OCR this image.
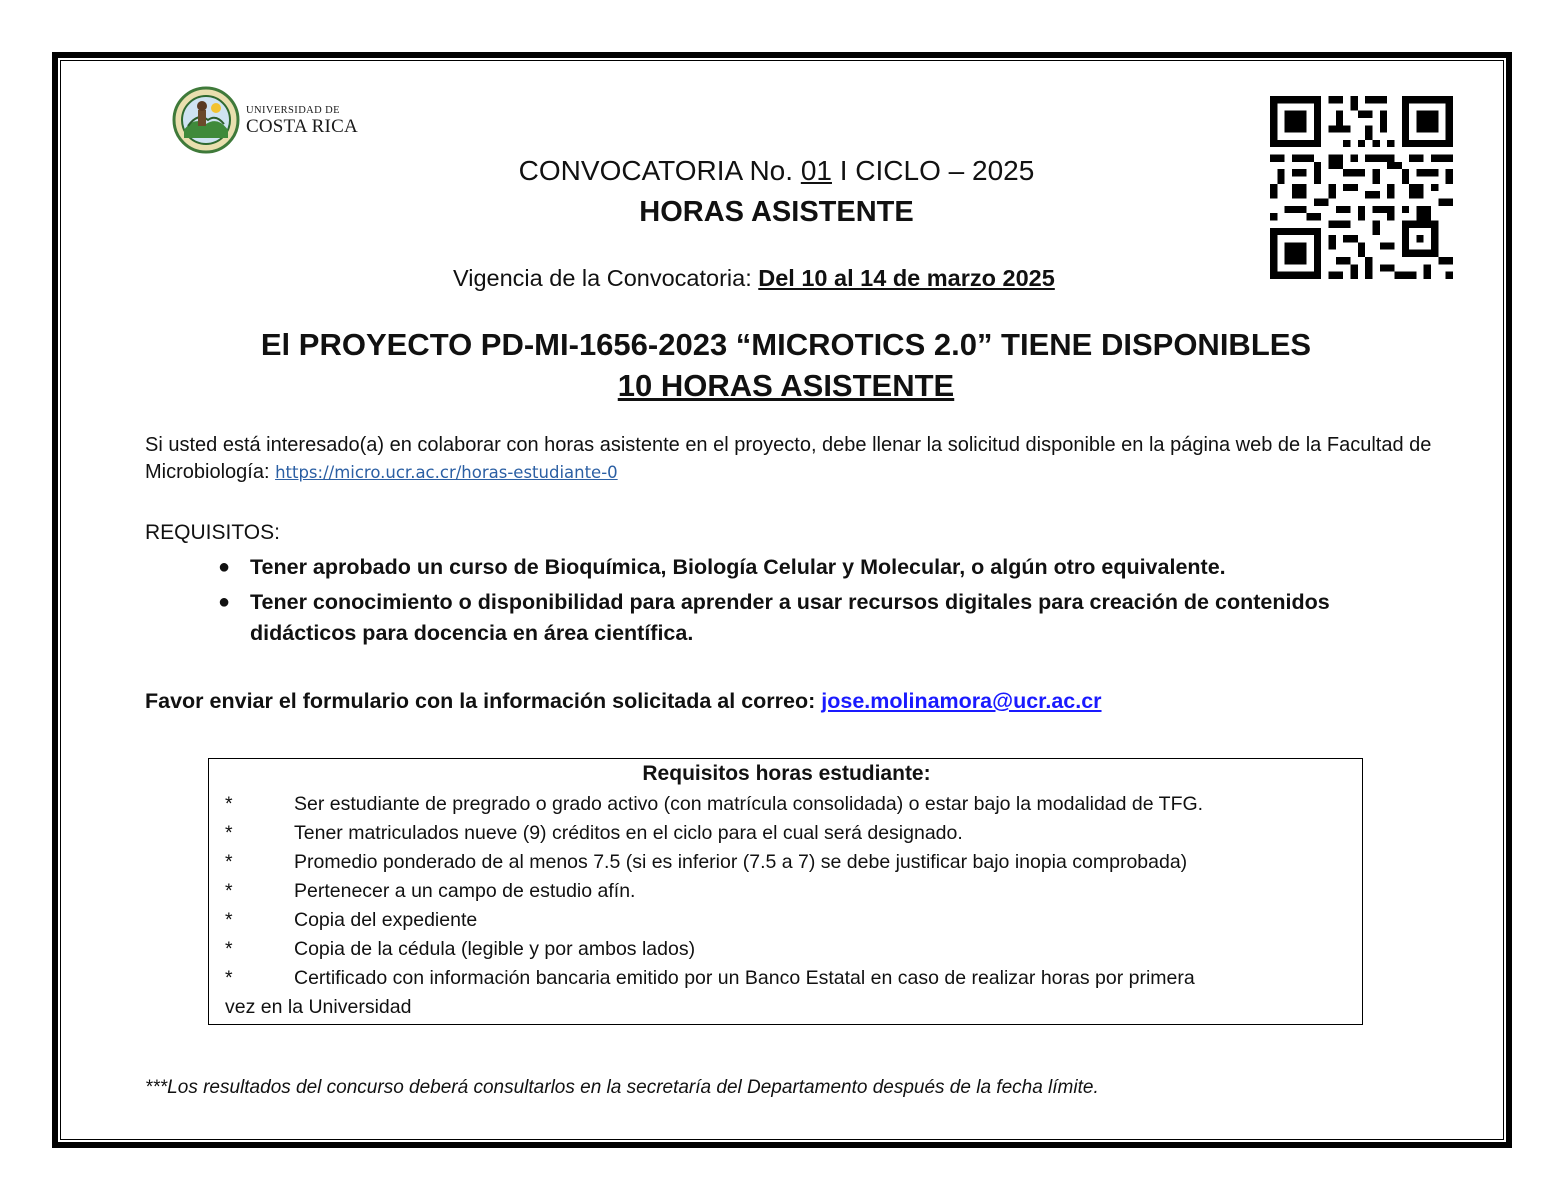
UNIVERSIDAD DE
COSTA RICA
CONVOCATORIA No. 01 I CICLO – 2025
HORAS ASISTENTE
Vigencia de la Convocatoria: Del 10 al 14 de marzo 2025
El PROYECTO PD-MI-1656-2023 “MICROTICS 2.0” TIENE DISPONIBLES
10 HORAS ASISTENTE
Si usted está interesado(a) en colaborar con horas asistente en el proyecto, debe llenar la solicitud disponible en la página web de la Facultad de Microbiología: https://micro.ucr.ac.cr/horas-estudiante-0
REQUISITOS:
● Tener aprobado un curso de Bioquímica, Biología Celular y Molecular, o algún otro equivalente.
● Tener conocimiento o disponibilidad para aprender a usar recursos digitales para creación de contenidos didácticos para docencia en área científica.
Favor enviar el formulario con la información solicitada al correo: jose.molinamora@ucr.ac.cr
Requisitos horas estudiante:
*	Ser estudiante de pregrado o grado activo (con matrícula consolidada) o estar bajo la modalidad de TFG.
*	Tener matriculados nueve (9) créditos en el ciclo para el cual será designado.
*	Promedio ponderado de al menos 7.5 (si es inferior (7.5 a 7) se debe justificar bajo inopia comprobada)
*	Pertenecer a un campo de estudio afín.
*	Copia del expediente
*	Copia de la cédula (legible y por ambos lados)
*	Certificado con información bancaria emitido por un Banco Estatal en caso de realizar horas por primera
vez en la Universidad
***Los resultados del concurso deberá consultarlos en la secretaría del Departamento después de la fecha límite.
